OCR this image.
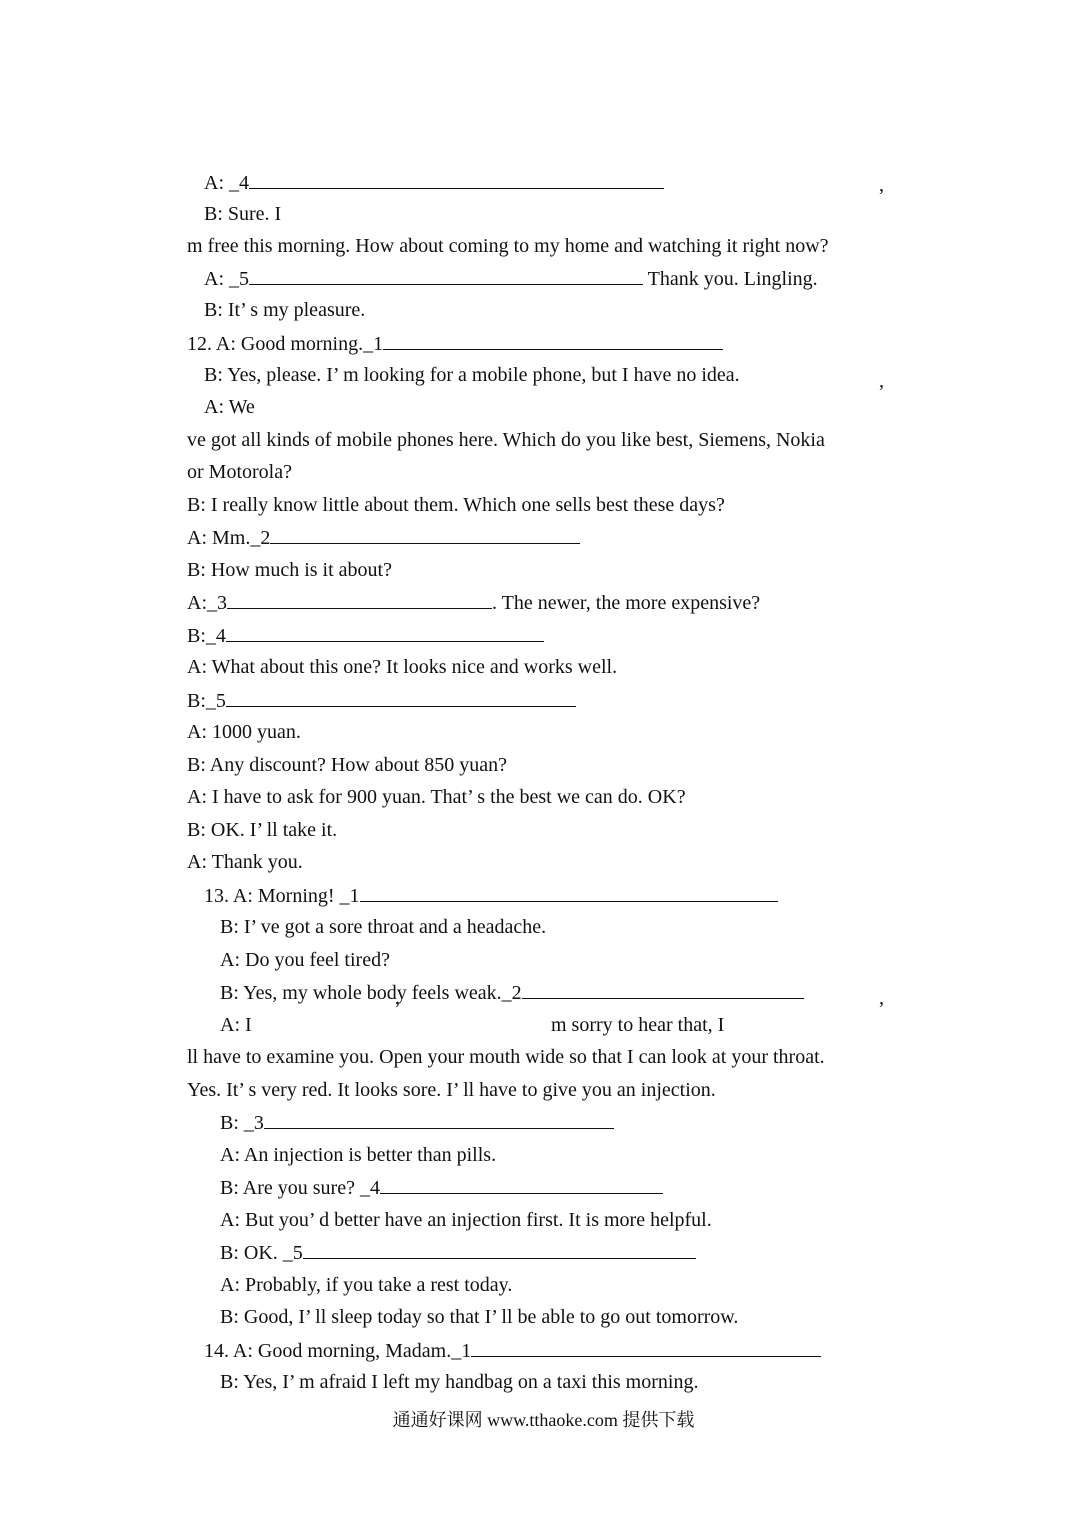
A: _4
B: Sure. I
m free this morning. How about coming to my home and watching it right now?
A: _5	Thank you. Lingling.
B: It’ s my pleasure.
12. A: Good morning._1
B: Yes, please. I’ m looking for a mobile phone, but I have no idea.
A: We
ve got all kinds of mobile phones here. Which do you like best, Siemens, Nokia
or Motorola?
B: I really know little about them. Which one sells best these days?
A: Mm._2
B: How much is it about?
A:_3	. The newer, the more expensive?
B:_4
A: What about this one? It looks nice and works well.
B:_5
A: 1000 yuan.
B: Any discount? How about 850 yuan?
A: I have to ask for 900 yuan. That’ s the best we can do. OK?
B: OK. I’ ll take it.
A: Thank you.
13. A: Morning! _1
B: I’ ve got a sore throat and a headache.
A: Do you feel tired?
B: Yes, my whole body feels weak._2
A: I
ll have to examine you. Open your mouth wide so that I can look at your throat.
Yes. It’ s very red. It looks sore. I’ ll have to give you an injection.
B: _3
A: An injection is better than pills.
B: Are you sure? _4
A: But you’ d better have an injection first. It is more helpful.
B: OK. _5
A: Probably, if you take a rest today.
B: Good, I’ ll sleep today so that I’ ll be able to go out tomorrow.
14. A: Good morning, Madam._1
B: Yes, I’ m afraid I left my handbag on a taxi this morning.
m sorry to hear that, I
’
’
’	’
通通好课网 www.tthaoke.com 提供下载
